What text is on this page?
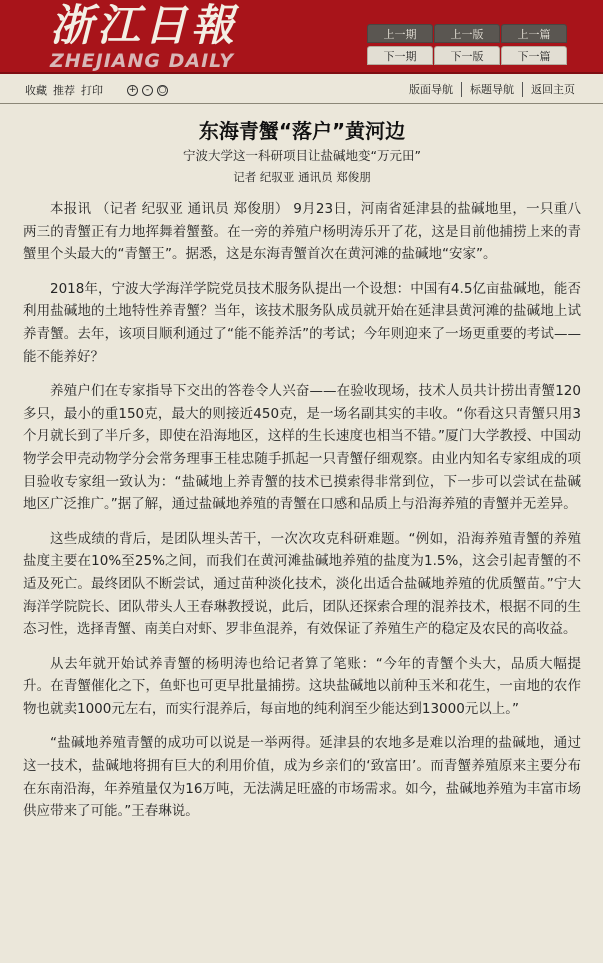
浙江日報
ZHEJIANG DAILY
上一期	上一版	上一篇
下一期	下一版	下一篇
收藏 推荐 打印	+	-	○	版面导航 标题导航 返回主页
东海青蟹“落户”黄河边
宁波大学这一科研项目让盐碱地变“万元田”
记者 纪驭亚 通讯员 郑俊朋

本报讯 （记者 纪驭亚 通讯员 郑俊朋） 9月23日，河南省延津县的盐碱地里，一只重八两三的青蟹正有力地挥舞着蟹螯。在一旁的养殖户杨明涛乐开了花，这是目前他捕捞上来的青蟹里个头最大的“青蟹王”。据悉，这是东海青蟹首次在黄河滩的盐碱地“安家”。

2018年，宁波大学海洋学院党员技术服务队提出一个设想：中国有4.5亿亩盐碱地，能否利用盐碱地的土地特性养青蟹？当年，该技术服务队成员就开始在延津县黄河滩的盐碱地上试养青蟹。去年，该项目顺利通过了“能不能养活”的考试；今年则迎来了一场更重要的考试——能不能养好？

养殖户们在专家指导下交出的答卷令人兴奋——在验收现场，技术人员共计捞出青蟹120多只，最小的重150克，最大的则接近450克，是一场名副其实的丰收。“你看这只青蟹只用3个月就长到了半斤多，即使在沿海地区，这样的生长速度也相当不错。”厦门大学教授、中国动物学会甲壳动物学分会常务理事王桂忠随手抓起一只青蟹仔细观察。由业内知名专家组成的项目验收专家组一致认为：“盐碱地上养青蟹的技术已摸索得非常到位，下一步可以尝试在盐碱地区广泛推广。”据了解，通过盐碱地养殖的青蟹在口感和品质上与沿海养殖的青蟹并无差异。

这些成绩的背后，是团队埋头苦干，一次次攻克科研难题。“例如，沿海养殖青蟹的养殖盐度主要在10%至25%之间，而我们在黄河滩盐碱地养殖的盐度为1.5%，这会引起青蟹的不适及死亡。最终团队不断尝试，通过苗种淡化技术，淡化出适合盐碱地养殖的优质蟹苗。”宁大海洋学院院长、团队带头人王春琳教授说，此后，团队还探索合理的混养技术，根据不同的生态习性，选择青蟹、南美白对虾、罗非鱼混养，有效保证了养殖生产的稳定及农民的高收益。

从去年就开始试养青蟹的杨明涛也给记者算了笔账：“今年的青蟹个头大，品质大幅提升。在青蟹催化之下，鱼虾也可更早批量捕捞。这块盐碱地以前种玉米和花生，一亩地的农作物也就卖1000元左右，而实行混养后，每亩地的纯利润至少能达到13000元以上。”

“盐碱地养殖青蟹的成功可以说是一举两得。延津县的农地多是难以治理的盐碱地，通过这一技术，盐碱地将拥有巨大的利用价值，成为乡亲们的‘致富田’。而青蟹养殖原来主要分布在东南沿海，年养殖量仅为16万吨，无法满足旺盛的市场需求。如今，盐碱地养殖为丰富市场供应带来了可能。”王春琳说。
